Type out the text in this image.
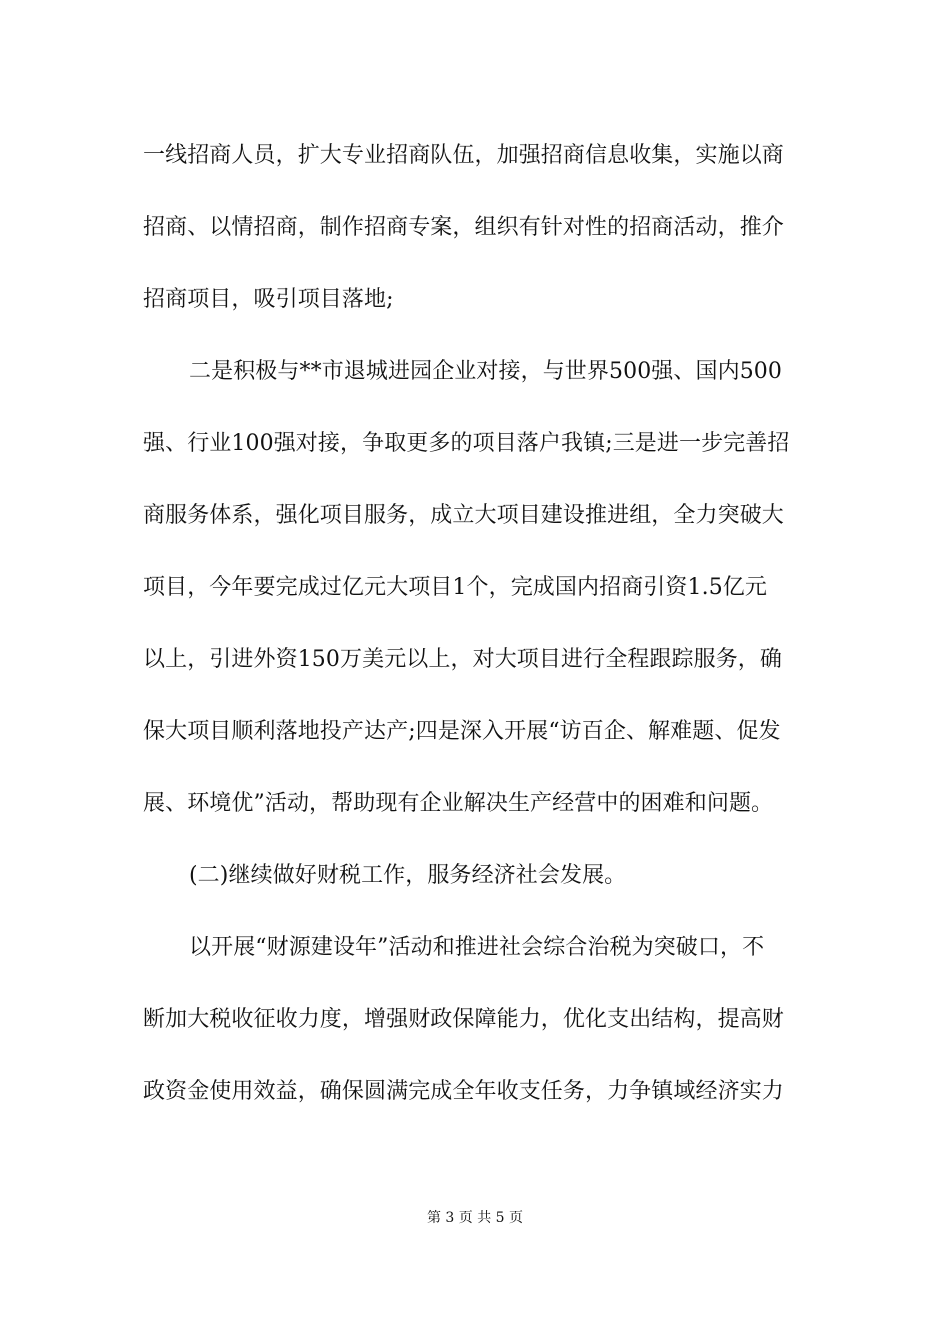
一线招商人员，扩大专业招商队伍，加强招商信息收集，实施以商
招商、以情招商，制作招商专案，组织有针对性的招商活动，推介
招商项目，吸引项目落地;
二是积极与**市退城进园企业对接，与世界500强、国内500
强、行业100强对接，争取更多的项目落户我镇;三是进一步完善招
商服务体系，强化项目服务，成立大项目建设推进组，全力突破大
项目，今年要完成过亿元大项目1个，完成国内招商引资1.5亿元
以上，引进外资150万美元以上，对大项目进行全程跟踪服务，确
保大项目顺利落地投产达产;四是深入开展“访百企、解难题、促发
展、环境优”活动，帮助现有企业解决生产经营中的困难和问题。
(二)继续做好财税工作，服务经济社会发展。
以开展“财源建设年”活动和推进社会综合治税为突破口，不
断加大税收征收力度，增强财政保障能力，优化支出结构，提高财
政资金使用效益，确保圆满完成全年收支任务，力争镇域经济实力
第 3 页 共 5 页
